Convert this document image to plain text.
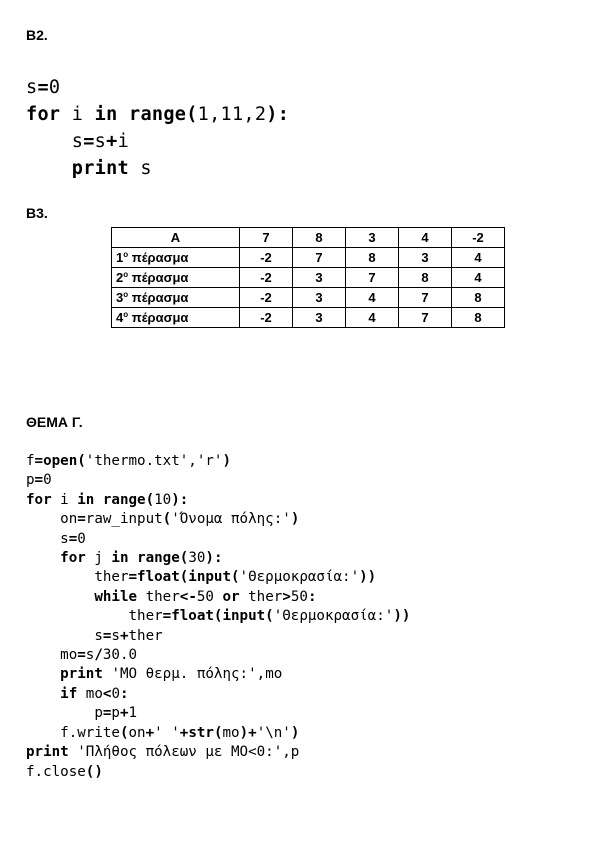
B2.
s=0
for i in range(1,11,2):
s=s+i
print s
B3.
A	7	8	3	4	-2
$1^o$ πέρασμα	-2	7	8	3	4
$2^o$ πέρασμα	-2	3	7	8	4
$3^o$ πέρασμα	-2	3	4	7	8
$4^o$ πέρασμα	-2	3	4	7	8
ΘΕΜΑ Γ.
f=open('thermo.txt','r')
p=0
for i in range(10):
on=raw_input('Όνομα πόλης:')
s=0
for j in range(30):
ther=float(input('Θερμοκρασία:'))
while ther<-50 or ther>50:
ther=float(input('Θερμοκρασία:'))
s=s+ther
mo=s/30.0
print 'ΜΟ θερμ. πόλης:',mo
if mo<0:
p=p+1
f.write(on+' '+str(mo)+'\n')
print 'Πλήθος πόλεων με ΜΟ<0:',p
f.close()
